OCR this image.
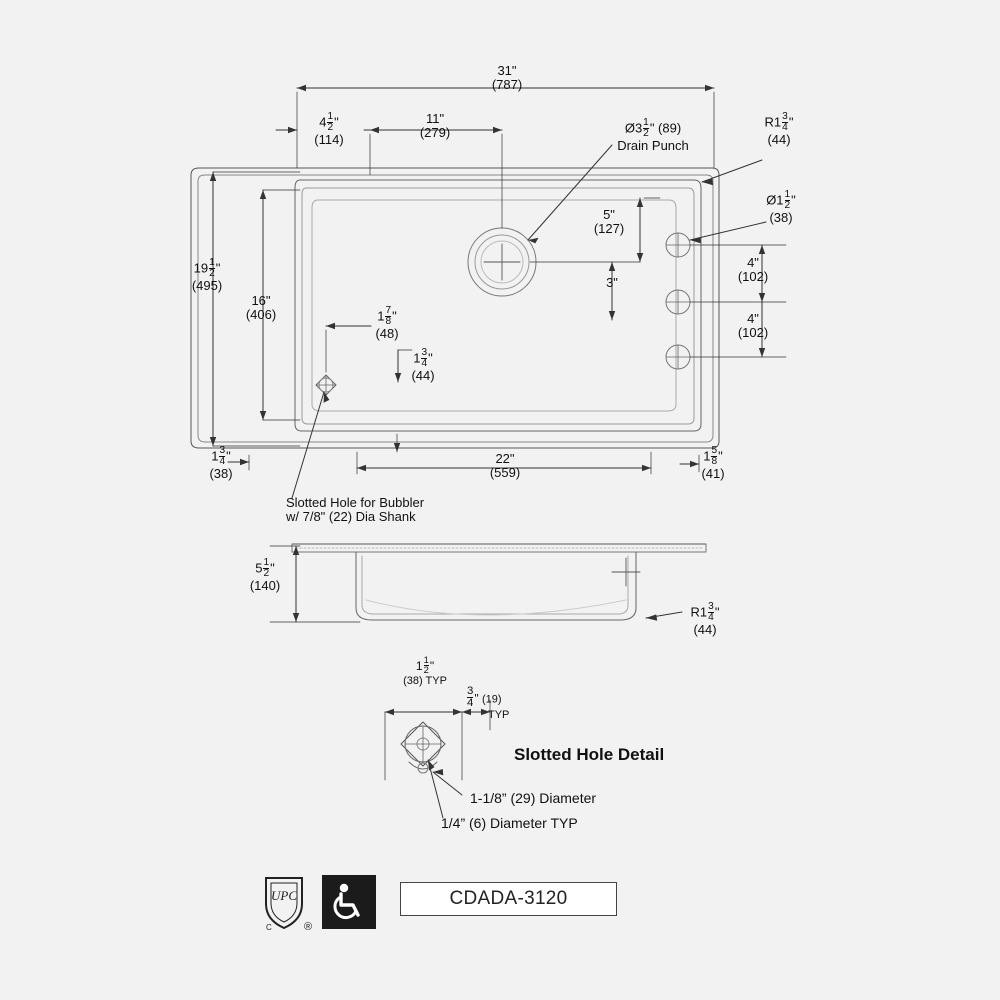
31"
(787)
$4 \frac{1}{2}$ "
(114)
11"
(279)	Ø3 $\frac{1}{2}$ " (89)
Drain Punch
$R1 \frac{3}{4}$ "
(44)
Ø1 $\frac{1}{2}$ "
(38)
5"
(127)
3"
4"
(102)
4"
(102)
$19 \frac{1}{2}$ "
(495)
16"
(406)	$1 \frac{7}{8}$ "
(48)
$1 \frac{3}{4}$ "
(44)
$1 \frac{3}{4}$ "
(38)
22"
(559)
$1 \frac{5}{8}$ "
(41)
Slotted Hole for Bubbler
w/ 7/8" (22) Dia Shank
$5 \frac{1}{2}$ "
(140)
$R1 \frac{3}{4}$ "
(44)
$1 \frac{1}{2}$ "
(38) TYP
$\frac{3}{4}$ " (19)
TYP
Slotted Hole Detail
1-1/8” (29) Diameter
1/4” (6) Diameter TYP
UPC
C	®
CDADA-3120
